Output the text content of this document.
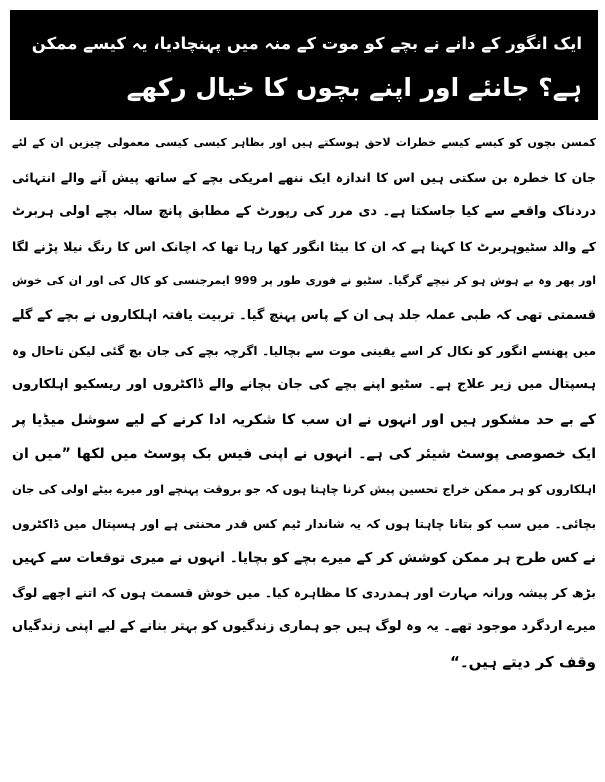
ایک انگور کے دانے نے بچے کو موت کے منہ میں پہنچادیا، یہ کیسے ممکن
ہے؟ جانئے اور اپنے بچوں کا خیال رکھے
کمسن بچوں کو کیسے کیسے خطرات لاحق ہوسکتے ہیں اور بظاہر کیسی کیسی معمولی چیزیں ان کے لئے
جان کا خطرہ بن سکتی ہیں اس کا اندازہ ایک ننھے امریکی بچے کے ساتھ پیش آنے والے انتہائی
دردناک واقعے سے کیا جاسکتا ہے۔ دی مرر کی رپورٹ کے مطابق پانچ سالہ بچے اولی ہربرٹ
کے والد سٹیوہربرٹ کا کہنا ہے کہ ان کا بیٹا انگور کھا رہا تھا کہ اچانک اس کا رنگ نیلا پڑنے لگا
اور پھر وہ بے ہوش ہو کر نیچے گرگیا۔ سٹیو نے فوری طور پر 999 ایمرجنسی کو کال کی اور ان کی خوش
قسمتی تھی کہ طبی عملہ جلد ہی ان کے پاس پہنچ گیا۔ تربیت یافتہ اہلکاروں نے بچے کے گلے
میں پھنسے انگور کو نکال کر اسے یقینی موت سے بچالیا۔ اگرچہ بچے کی جان بچ گئی لیکن تاحال وہ
ہسپتال میں زیر علاج ہے۔ سٹیو اپنے بچے کی جان بچانے والے ڈاکٹروں اور ریسکیو اہلکاروں
کے بے حد مشکور ہیں اور انہوں نے ان سب کا شکریہ ادا کرنے کے لیے سوشل میڈیا پر
ایک خصوصی پوسٹ شیئر کی ہے۔ انہوں نے اپنی فیس بک پوسٹ میں لکھا ”میں ان
اہلکاروں کو ہر ممکن خراج تحسین پیش کرنا چاہتا ہوں کہ جو بروقت پہنچے اور میرے بیٹے اولی کی جان
بچائی۔ میں سب کو بتانا چاہتا ہوں کہ یہ شاندار ٹیم کس قدر محنتی ہے اور ہسپتال میں ڈاکٹروں
نے کس طرح ہر ممکن کوشش کر کے میرے بچے کو بچایا۔ انہوں نے میری توقعات سے کہیں
بڑھ کر پیشہ ورانہ مہارت اور ہمدردی کا مظاہرہ کیا۔ میں خوش قسمت ہوں کہ اتنے اچھے لوگ
میرے اردگرد موجود تھے۔ یہ وہ لوگ ہیں جو ہماری زندگیوں کو بہتر بنانے کے لیے اپنی زندگیاں
وقف کر دیتے ہیں۔“
